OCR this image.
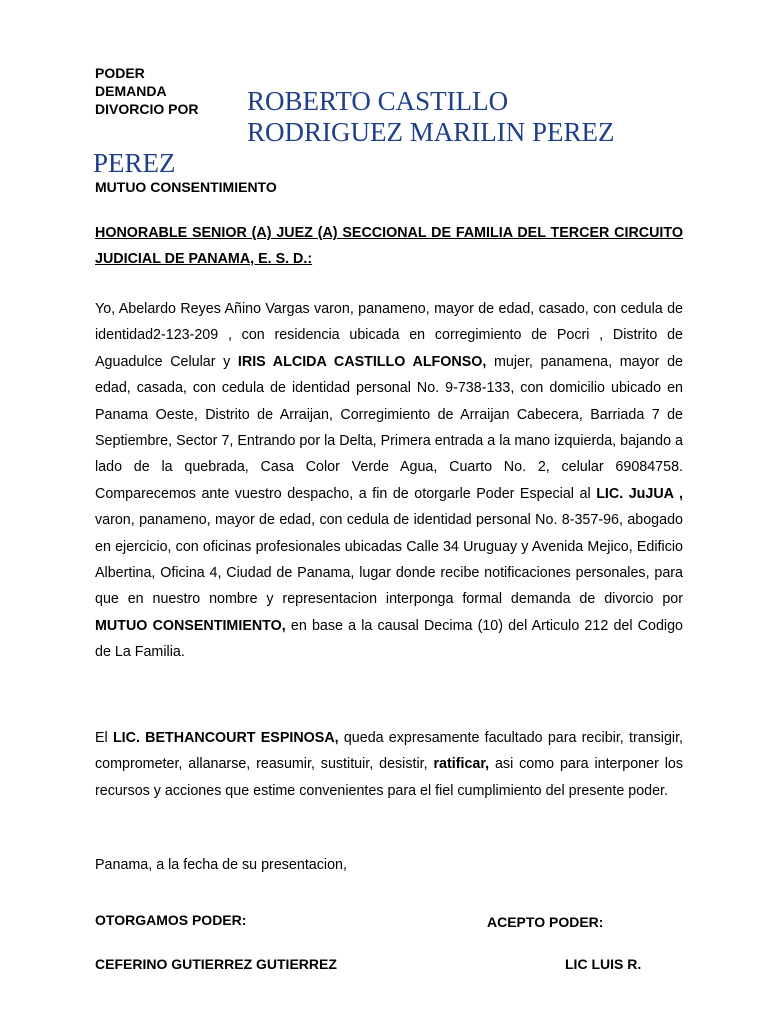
PODER
DEMANDA
DIVORCIO POR	ROBERTO CASTILLO
RODRIGUEZ MARILIN PEREZ
PEREZ
MUTUO CONSENTIMIENTO
HONORABLE SENIOR (A) JUEZ (A) SECCIONAL DE FAMILIA DEL TERCER CIRCUITO JUDICIAL DE PANAMA, E. S. D.:
Yo, Abelardo Reyes Añino Vargas varon, panameno, mayor de edad, casado, con cedula de identidad2-123-209 , con residencia ubicada en corregimiento de Pocri , Distrito de Aguadulce Celular y IRIS ALCIDA CASTILLO ALFONSO, mujer, panamena, mayor de edad, casada, con cedula de identidad personal No. 9-738-133, con domicilio ubicado en Panama Oeste, Distrito de Arraijan, Corregimiento de Arraijan Cabecera, Barriada 7 de Septiembre, Sector 7, Entrando por la Delta, Primera entrada a la mano izquierda, bajando a lado de la quebrada, Casa Color Verde Agua, Cuarto No. 2, celular 69084758. Comparecemos ante vuestro despacho, a fin de otorgarle Poder Especial al LIC. JuJUA , varon, panameno, mayor de edad, con cedula de identidad personal No. 8-357-96, abogado en ejercicio, con oficinas profesionales ubicadas Calle 34 Uruguay y Avenida Mejico, Edificio Albertina, Oficina 4, Ciudad de Panama, lugar donde recibe notificaciones personales, para que en nuestro nombre y representacion interponga formal demanda de divorcio por MUTUO CONSENTIMIENTO, en base a la causal Decima (10) del Articulo 212 del Codigo de La Familia.
El LIC. BETHANCOURT ESPINOSA, queda expresamente facultado para recibir, transigir, comprometer, allanarse, reasumir, sustituir, desistir, ratificar, asi como para interponer los recursos y acciones que estime convenientes para el fiel cumplimiento del presente poder.
Panama, a la fecha de su presentacion,
OTORGAMOS PODER:	ACEPTO PODER:
CEFERINO GUTIERREZ GUTIERREZ	LIC LUIS R.
